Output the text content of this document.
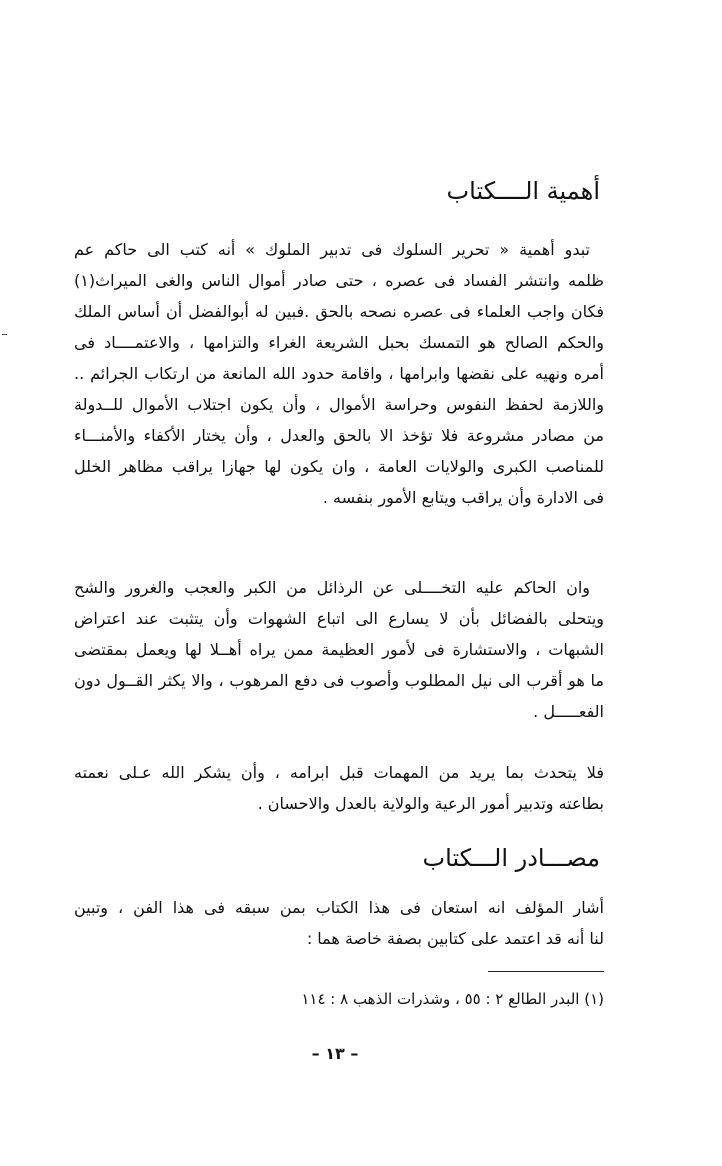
أهمية الــــكتاب
تبدو أهمية « تحرير السلوك فى تدبير الملوك » أنه كتب الى حاكم عم
ظلمه وانتشر الفساد فى عصره ، حتى صادر أموال الناس والغى الميراث(١)
فكان واجب العلماء فى عصره نصحه بالحق .فبين له أبوالفضل أن أساس الملك
والحكم الصالح هو التمسك بحبل الشريعة الغراء والتزامها ، والاعتمــــاد فى
أمره ونهيه على نقضها وابرامها ، واقامة حدود الله المانعة من ارتكاب الجرائم ..
واللازمة لحفظ النفوس وحراسة الأموال ، وأن يكون اجتلاب الأموال للــدولة
من مصادر مشروعة فلا تؤخذ الا بالحق والعدل ، وأن يختار الأكفاء والأمنـــاء
للمناصب الكبرى والولايات العامة ، وان يكون لها جهازا يراقب مظاهر الخلل
فى الادارة وأن يراقب ويتابع الأمور بنفسه .
وان الحاكم عليه التخــــلى عن الرذائل من الكبر والعجب والغرور والشح
ويتحلى بالفضائل بأن لا يسارع الى اتباع الشهوات وأن يتثبت عند اعتراض
الشبهات ، والاستشارة فى لأمور العظيمة ممن يراه أهــلا لها ويعمل بمقتضى
ما هو أقرب الى نيل المطلوب وأصوب فى دفع المرهوب ، والا يكثر القــول دون
الفعـــــل .
فلا يتحدث بما يريد من المهمات قبل ابرامه ، وأن يشكر الله عـلى نعمته
بطاعته وتدبير أمور الرعية والولاية بالعدل والاحسان .
مصـــادر الـــكتاب
أشار المؤلف انه استعان فى هذا الكتاب بمن سبقه فى هذا الفن ، وتبين
لنا أنه قد اعتمد على كتابين بصفة خاصة هما :

(١) البدر الطالع ٢ : ٥٥ ، وشذرات الذهب ٨ : ١١٤

– ١٣ –
